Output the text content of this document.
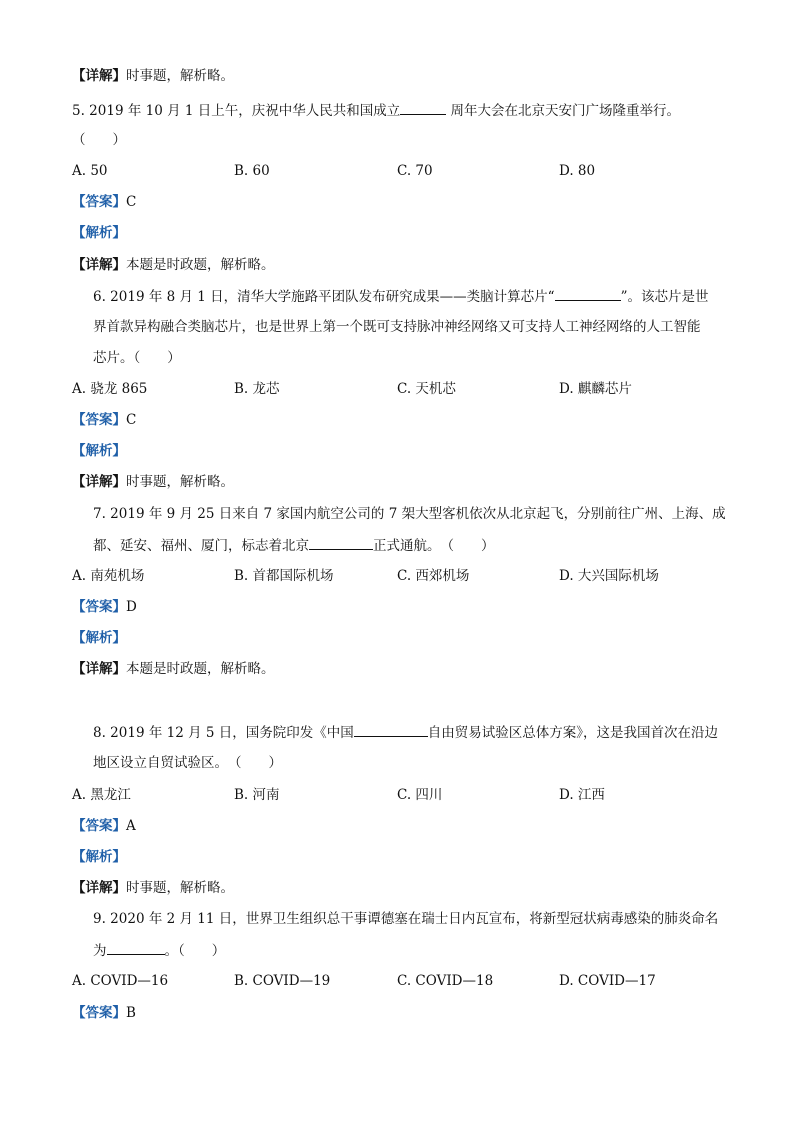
【详解】时事题，解析略。
5. 2019 年 10 月 1 日上午，庆祝中华人民共和国成立	周年大会在北京天安门广场隆重举行。
（　　）
A. 50	B. 60	C. 70	D. 80
【答案】C
【解析】
【详解】本题是时政题，解析略。
6. 2019 年 8 月 1 日，清华大学施路平团队发布研究成果——类脑计算芯片“	”。该芯片是世
界首款异构融合类脑芯片，也是世界上第一个既可支持脉冲神经网络又可支持人工神经网络的人工智能
芯片。（　　）
A. 骁龙 865	B. 龙芯	C. 天机芯	D. 麒麟芯片
【答案】C
【解析】
【详解】时事题，解析略。
7. 2019 年 9 月 25 日来自 7 家国内航空公司的 7 架大型客机依次从北京起飞，分别前往广州、上海、成
都、延安、福州、厦门，标志着北京	正式通航。　（　　）
A. 南苑机场	B. 首都国际机场	C. 西郊机场	D. 大兴国际机场
【答案】D
【解析】
【详解】本题是时政题，解析略。
8. 2019 年 12 月 5 日，国务院印发《中国	自由贸易试验区总体方案》，这是我国首次在沿边
地区设立自贸试验区。　（　　）
A. 黑龙江	B. 河南	C. 四川	D. 江西
【答案】A
【解析】
【详解】时事题，解析略。
9. 2020 年 2 月 11 日，世界卫生组织总干事谭德塞在瑞士日内瓦宣布，将新型冠状病毒感染的肺炎命名
为	。（　　）
A. COVID—16	B. COVID—19	C. COVID—18	D. COVID—17
【答案】B
